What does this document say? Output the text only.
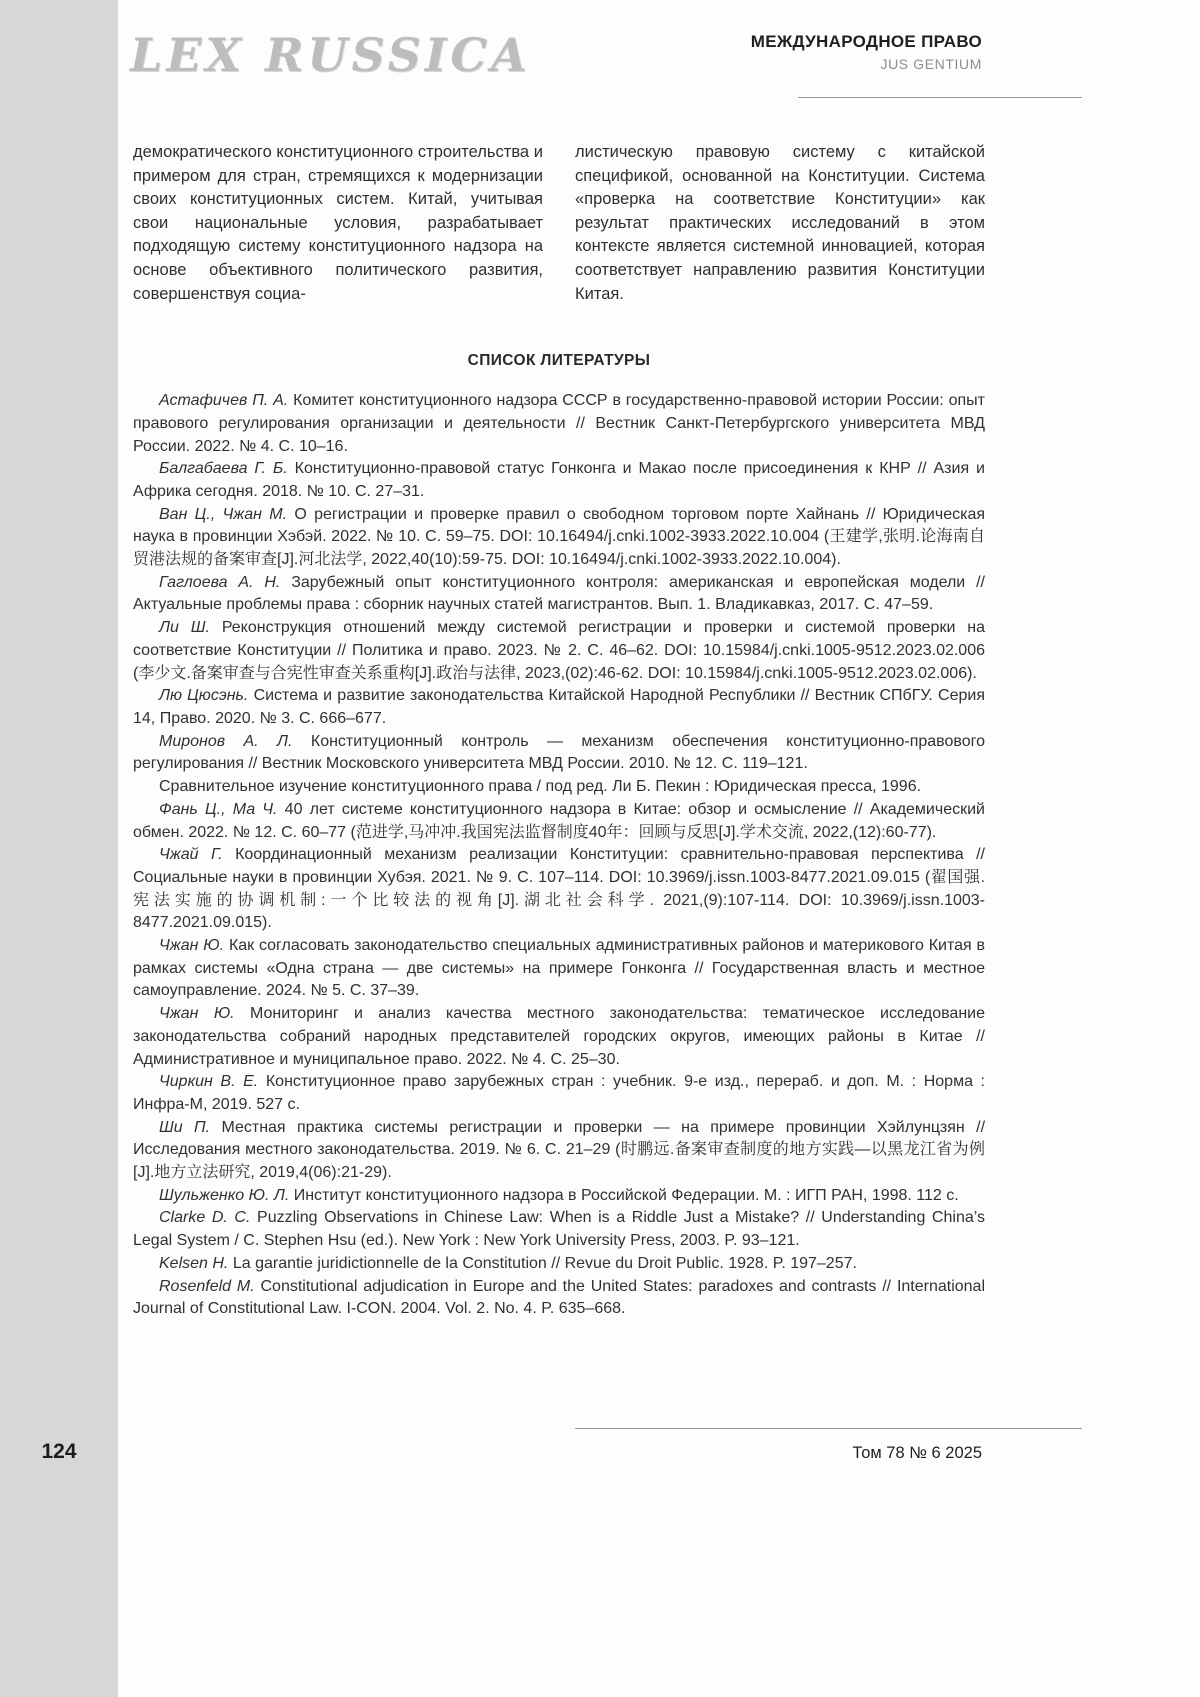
LEX RUSSICA	МЕЖДУНАРОДНОЕ ПРАВО
JUS GENTIUM
демократического конституционного строительства и примером для стран, стремящихся к модернизации своих конституционных систем. Китай, учитывая свои национальные условия, разрабатывает подходящую систему конституционного надзора на основе объективного политического развития, совершенствуя социа-
листическую правовую систему с китайской спецификой, основанной на Конституции. Система «проверка на соответствие Конституции» как результат практических исследований в этом контексте является системной инновацией, которая соответствует направлению развития Конституции Китая.
СПИСОК ЛИТЕРАТУРЫ

Астафичев П. А. Комитет конституционного надзора СССР в государственно-правовой истории России: опыт правового регулирования организации и деятельности // Вестник Санкт-Петербургского университета МВД России. 2022. № 4. С. 10–16.

Балгабаева Г. Б. Конституционно-правовой статус Гонконга и Макао после присоединения к КНР // Азия и Африка сегодня. 2018. № 10. С. 27–31.

Ван Ц., Чжан М. О регистрации и проверке правил о свободном торговом порте Хайнань // Юридическая наука в провинции Хэбэй. 2022. № 10. С. 59–75. DOI: 10.16494/j.cnki.1002-3933.2022.10.004 (王建学,张明.论海南自贸港法规的备案审查[J].河北法学, 2022,40(10):59-75. DOI: 10.16494/j.cnki.1002-3933.2022.10.004).

Гаглоева А. Н. Зарубежный опыт конституционного контроля: американская и европейская модели // Актуальные проблемы права : сборник научных статей магистрантов. Вып. 1. Владикавказ, 2017. С. 47–59.

Ли Ш. Реконструкция отношений между системой регистрации и проверки и системой проверки на соответствие Конституции // Политика и право. 2023. № 2. С. 46–62. DOI: 10.15984/j.cnki.1005-9512.2023.02.006 (李少文.备案审查与合宪性审查关系重构[J].政治与法律, 2023,(02):46-62. DOI: 10.15984/j.cnki.1005-9512.2023.02.006).

Лю Цюсэнь. Система и развитие законодательства Китайской Народной Республики // Вестник СПбГУ. Серия 14, Право. 2020. № 3. С. 666–677.

Миронов А. Л. Конституционный контроль — механизм обеспечения конституционно-правового регулирования // Вестник Московского университета МВД России. 2010. № 12. С. 119–121.

Сравнительное изучение конституционного права / под ред. Ли Б. Пекин : Юридическая пресса, 1996.

Фань Ц., Ма Ч. 40 лет системе конституционного надзора в Китае: обзор и осмысление // Академический обмен. 2022. № 12. С. 60–77 (范进学,马冲冲.我国宪法监督制度40年：回顾与反思[J].学术交流, 2022,(12):60-77).

Чжай Г. Координационный механизм реализации Конституции: сравнительно-правовая перспектива // Социальные науки в провинции Хубэя. 2021. № 9. С. 107–114. DOI: 10.3969/j.issn.1003-8477.2021.09.015 (翟国强.宪法实施的协调机制:一个比较法的视角[J].湖北社会科学. 2021,(9):107-114. DOI: 10.3969/j.issn.1003-8477.2021.09.015).

Чжан Ю. Как согласовать законодательство специальных административных районов и материкового Китая в рамках системы «Одна страна — две системы» на примере Гонконга // Государственная власть и местное самоуправление. 2024. № 5. С. 37–39.

Чжан Ю. Мониторинг и анализ качества местного законодательства: тематическое исследование законодательства собраний народных представителей городских округов, имеющих районы в Китае // Административное и муниципальное право. 2022. № 4. С. 25–30.

Чиркин В. Е. Конституционное право зарубежных стран : учебник. 9-е изд., перераб. и доп. М. : Норма : Инфра-М, 2019. 527 с.

Ши П. Местная практика системы регистрации и проверки — на примере провинции Хэйлунцзян // Исследования местного законодательства. 2019. № 6. С. 21–29 (时鹏远.备案审查制度的地方实践—以黑龙江省为例[J].地方立法研究, 2019,4(06):21-29).

Шульженко Ю. Л. Институт конституционного надзора в Российской Федерации. М. : ИГП РАН, 1998. 112 с.

Clarke D. C. Puzzling Observations in Chinese Law: When is a Riddle Just a Mistake? // Understanding China’s Legal System / C. Stephen Hsu (ed.). New York : New York University Press, 2003. P. 93–121.

Kelsen H. La garantie juridictionnelle de la Constitution // Revue du Droit Public. 1928. P. 197–257.

Rosenfeld M. Constitutional adjudication in Europe and the United States: paradoxes and contrasts // International Journal of Constitutional Law. I-CON. 2004. Vol. 2. No. 4. P. 635–668.

Том 78 № 6 2025
124
